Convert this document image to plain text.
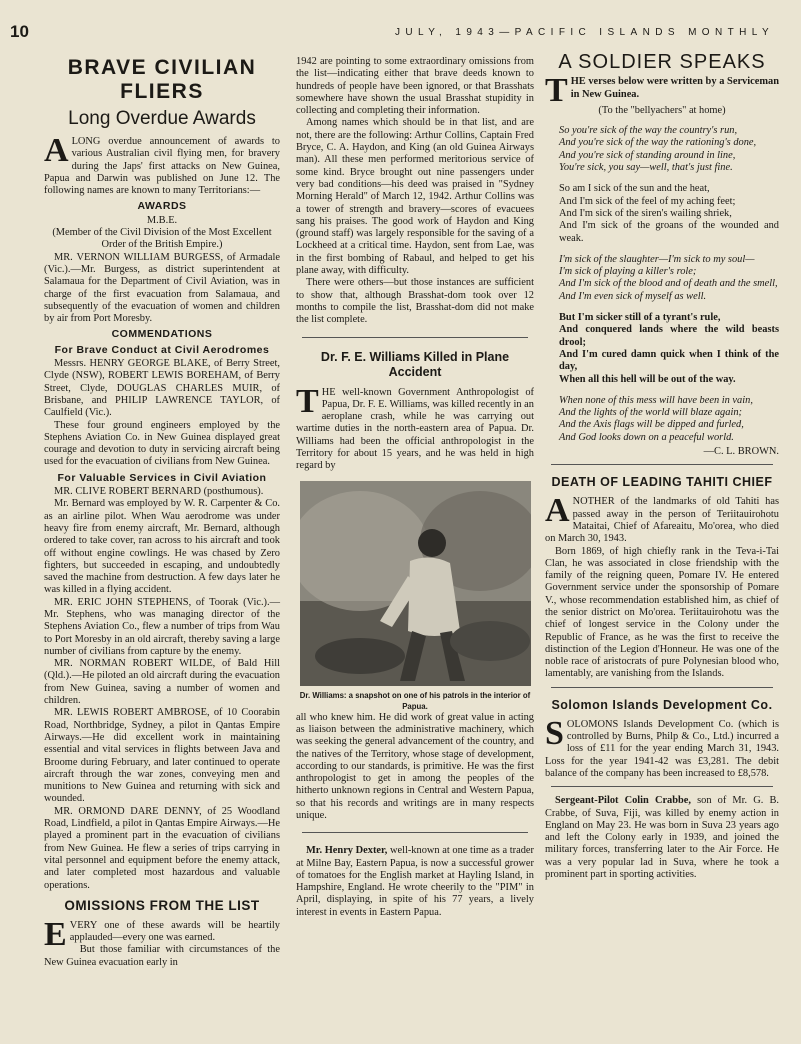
10	JULY, 1943—PACIFIC ISLANDS MONTHLY
BRAVE CIVILIAN FLIERS
Long Overdue Awards

ALONG overdue announcement of awards to various Australian civil flying men, for bravery during the Japs' first attacks on New Guinea, Papua and Darwin was published on June 12. The following names are known to many Territorians:—

AWARDS

M.B.E.

(Member of the Civil Division of the Most Excellent Order of the British Empire.)

MR. VERNON WILLIAM BURGESS, of Armadale (Vic.).—Mr. Burgess, as district superintendent at Salamaua for the Department of Civil Aviation, was in charge of the first evacuation from Salamaua, and subsequently of the evacuation of women and children by air from Port Moresby.

COMMENDATIONS
For Brave Conduct at Civil Aerodromes

Messrs. HENRY GEORGE BLAKE, of Berry Street, Clyde (NSW), ROBERT LEWIS BOREHAM, of Berry Street, Clyde, DOUGLAS CHARLES MUIR, of Brisbane, and PHILIP LAWRENCE TAYLOR, of Caulfield (Vic.).

These four ground engineers employed by the Stephens Aviation Co. in New Guinea displayed great courage and devotion to duty in servicing aircraft being used for the evacuation of civilians from New Guinea.

For Valuable Services in Civil Aviation

MR. CLIVE ROBERT BERNARD (posthumous).

Mr. Bernard was employed by W. R. Carpenter & Co. as an airline pilot. When Wau aerodrome was under heavy fire from enemy aircraft, Mr. Bernard, although ordered to take cover, ran across to his aircraft and took off without engine cowlings. He was chased by Zero fighters, but succeeded in escaping, and undoubtedly saved the machine from destruction. A few days later he was killed in a flying accident.

MR. ERIC JOHN STEPHENS, of Toorak (Vic.).—Mr. Stephens, who was managing director of the Stephens Aviation Co., flew a number of trips from Wau to Port Moresby in an old aircraft, thereby saving a large number of civilians from capture by the enemy.

MR. NORMAN ROBERT WILDE, of Bald Hill (Qld.).—He piloted an old aircraft during the evacuation from New Guinea, saving a number of women and children.

MR. LEWIS ROBERT AMBROSE, of 10 Coorabin Road, Northbridge, Sydney, a pilot in Qantas Empire Airways.—He did excellent work in maintaining essential and vital services in flights between Java and Broome during February, and later continued to operate aircraft through the war zones, conveying men and munitions to New Guinea and returning with sick and wounded.

MR. ORMOND DARE DENNY, of 25 Woodland Road, Lindfield, a pilot in Qantas Empire Airways.—He played a prominent part in the evacuation of civilians from New Guinea. He flew a series of trips carrying in vital personnel and equipment before the enemy attack, and later completed most hazardous and valuable operations.

OMISSIONS FROM THE LIST

EVERY one of these awards will be heartily applauded—every one was earned.

But those familiar with circumstances of the New Guinea evacuation early in

1942 are pointing to some extraordinary omissions from the list—indicating either that brave deeds known to hundreds of people have been ignored, or that Brasshats somewhere have shown the usual Brasshat stupidity in collecting and completing their information.

Among names which should be in that list, and are not, there are the following: Arthur Collins, Captain Fred Bryce, C. A. Haydon, and King (an old Guinea Airways man). All these men performed meritorious service of some kind. Bryce brought out nine passengers under very bad conditions—his deed was praised in "Sydney Morning Herald" of March 12, 1942. Arthur Collins was a tower of strength and bravery—scores of evacuees sang his praises. The good work of Haydon and King (ground staff) was largely responsible for the saving of a Lockheed at a critical time. Haydon, sent from Lae, was in the first bombing of Rabaul, and helped to get his plane away, with difficulty.

There were others—but those instances are sufficient to show that, although Brasshat-dom took over 12 months to compile the list, Brasshat-dom did not make the list complete.

Dr. F. E. Williams Killed in Plane Accident

THE well-known Government Anthropologist of Papua, Dr. F. E. Williams, was killed recently in an aeroplane crash, while he was carrying out wartime duties in the north-eastern area of Papua. Dr. Williams had been the official anthropologist in the Territory for about 15 years, and he was held in high regard by

Dr. Williams: a snapshot on one of his patrols in the interior of Papua.

all who knew him. He did work of great value in acting as liaison between the administrative machinery, which was seeking the general advancement of the country, and the natives of the Territory, whose stage of development, according to our standards, is primitive. He was the first anthropologist to get in among the peoples of the hitherto unknown regions in Central and Western Papua, so that his records and writings are in many respects unique.

Mr. Henry Dexter, well-known at one time as a trader at Milne Bay, Eastern Papua, is now a successful grower of tomatoes for the English market at Hayling Island, in Hampshire, England. He wrote cheerily to the "PIM" in April, displaying, in spite of his 77 years, a lively interest in events in Eastern Papua.

A SOLDIER SPEAKS

THE verses below were written by a Serviceman in New Guinea.

(To the "bellyachers" at home)

So you're sick of the way the country's run,

And you're sick of the way the rationing's done,

And you're sick of standing around in line,

You're sick, you say—well, that's just fine.

So am I sick of the sun and the heat,

And I'm sick of the feel of my aching feet;

And I'm sick of the siren's wailing shriek,

And I'm sick of the groans of the wounded and weak.

I'm sick of the slaughter—I'm sick to my soul—

I'm sick of playing a killer's role;

And I'm sick of the blood and of death and the smell,

And I'm even sick of myself as well.

But I'm sicker still of a tyrant's rule,

And conquered lands where the wild beasts drool;

And I'm cured damn quick when I think of the day,

When all this hell will be out of the way.

When none of this mess will have been in vain,

And the lights of the world will blaze again;

And the Axis flags will be dipped and furled,

And God looks down on a peaceful world.

—C. L. BROWN.

DEATH OF LEADING TAHITI CHIEF

ANOTHER of the landmarks of old Tahiti has passed away in the person of Teriitauirohotu Mataitai, Chief of Afareaitu, Mo'orea, who died on March 30, 1943.

Born 1869, of high chiefly rank in the Teva-i-Tai Clan, he was associated in close friendship with the family of the reigning queen, Pomare IV. He entered Government service under the sponsorship of Pomare V., whose recommendation established him, as chief of the senior district on Mo'orea. Teriitauirohotu was the chief of longest service in the Colony under the Republic of France, as he was the first to receive the distinction of the Legion d'Honneur. He was one of the noble race of aristocrats of pure Polynesian blood who, lamentably, are vanishing from the Islands.

Solomon Islands Development Co.

SOLOMONS Islands Development Co. (which is controlled by Burns, Philp & Co., Ltd.) incurred a loss of £11 for the year ending March 31, 1943. Loss for the year 1941-42 was £3,281. The debit balance of the company has been increased to £8,578.

Sergeant-Pilot Colin Crabbe, son of Mr. G. B. Crabbe, of Suva, Fiji, was killed by enemy action in England on May 23. He was born in Suva 23 years ago and left the Colony early in 1939, and joined the military forces, transferring later to the Air Force. He was a very popular lad in Suva, where he took a prominent part in sporting activities.
